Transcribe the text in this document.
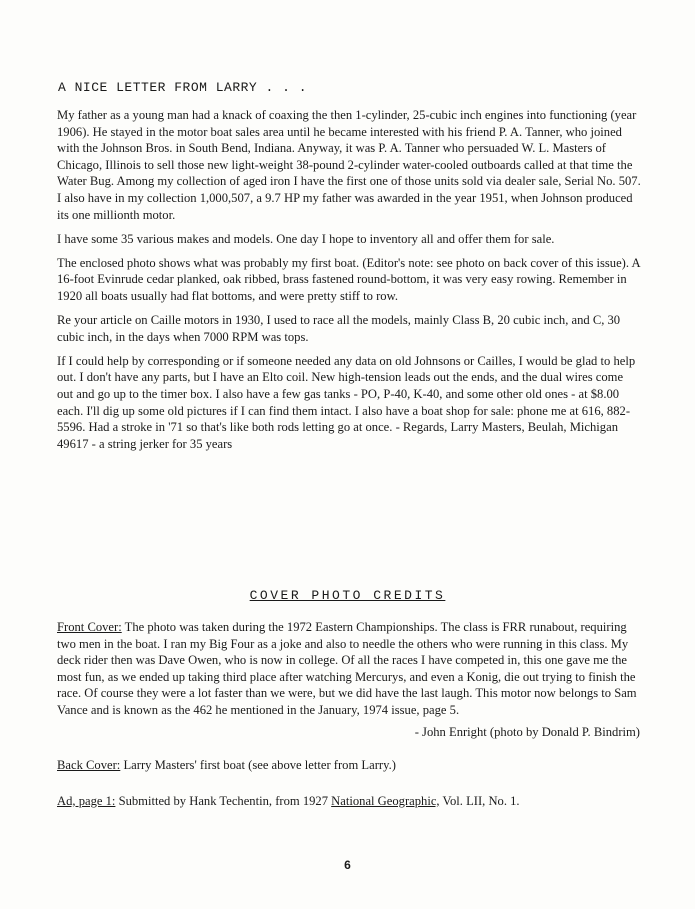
A NICE LETTER FROM LARRY . . .

My father as a young man had a knack of coaxing the then 1-cylinder, 25-cubic inch engines into functioning (year 1906). He stayed in the motor boat sales area until he became interested with his friend P. A. Tanner, who joined with the Johnson Bros. in South Bend, Indiana. Anyway, it was P. A. Tanner who persuaded W. L. Masters of Chicago, Illinois to sell those new light-weight 38-pound 2-cylinder water-cooled outboards called at that time the Water Bug. Among my collection of aged iron I have the first one of those units sold via dealer sale, Serial No. 507. I also have in my collection 1,000,507, a 9.7 HP my father was awarded in the year 1951, when Johnson produced its one millionth motor.

I have some 35 various makes and models. One day I hope to inventory all and offer them for sale.

The enclosed photo shows what was probably my first boat. (Editor's note: see photo on back cover of this issue). A 16-foot Evinrude cedar planked, oak ribbed, brass fastened round-bottom, it was very easy rowing. Remember in 1920 all boats usually had flat bottoms, and were pretty stiff to row.

Re your article on Caille motors in 1930, I used to race all the models, mainly Class B, 20 cubic inch, and C, 30 cubic inch, in the days when 7000 RPM was tops.

If I could help by corresponding or if someone needed any data on old Johnsons or Cailles, I would be glad to help out. I don't have any parts, but I have an Elto coil. New high-tension leads out the ends, and the dual wires come out and go up to the timer box. I also have a few gas tanks - PO, P-40, K-40, and some other old ones - at $8.00 each. I'll dig up some old pictures if I can find them intact. I also have a boat shop for sale: phone me at 616, 882-5596. Had a stroke in '71 so that's like both rods letting go at once. - Regards, Larry Masters, Beulah, Michigan 49617 - a string jerker for 35 years

COVER PHOTO CREDITS

Front Cover: The photo was taken during the 1972 Eastern Championships. The class is FRR runabout, requiring two men in the boat. I ran my Big Four as a joke and also to needle the others who were running in this class. My deck rider then was Dave Owen, who is now in college. Of all the races I have competed in, this one gave me the most fun, as we ended up taking third place after watching Mercurys, and even a Konig, die out trying to finish the race. Of course they were a lot faster than we were, but we did have the last laugh. This motor now belongs to Sam Vance and is known as the 462 he mentioned in the January, 1974 issue, page 5.

- John Enright (photo by Donald P. Bindrim)

Back Cover: Larry Masters' first boat (see above letter from Larry.)

Ad, page 1: Submitted by Hank Techentin, from 1927 National Geographic, Vol. LII, No. 1.

6
